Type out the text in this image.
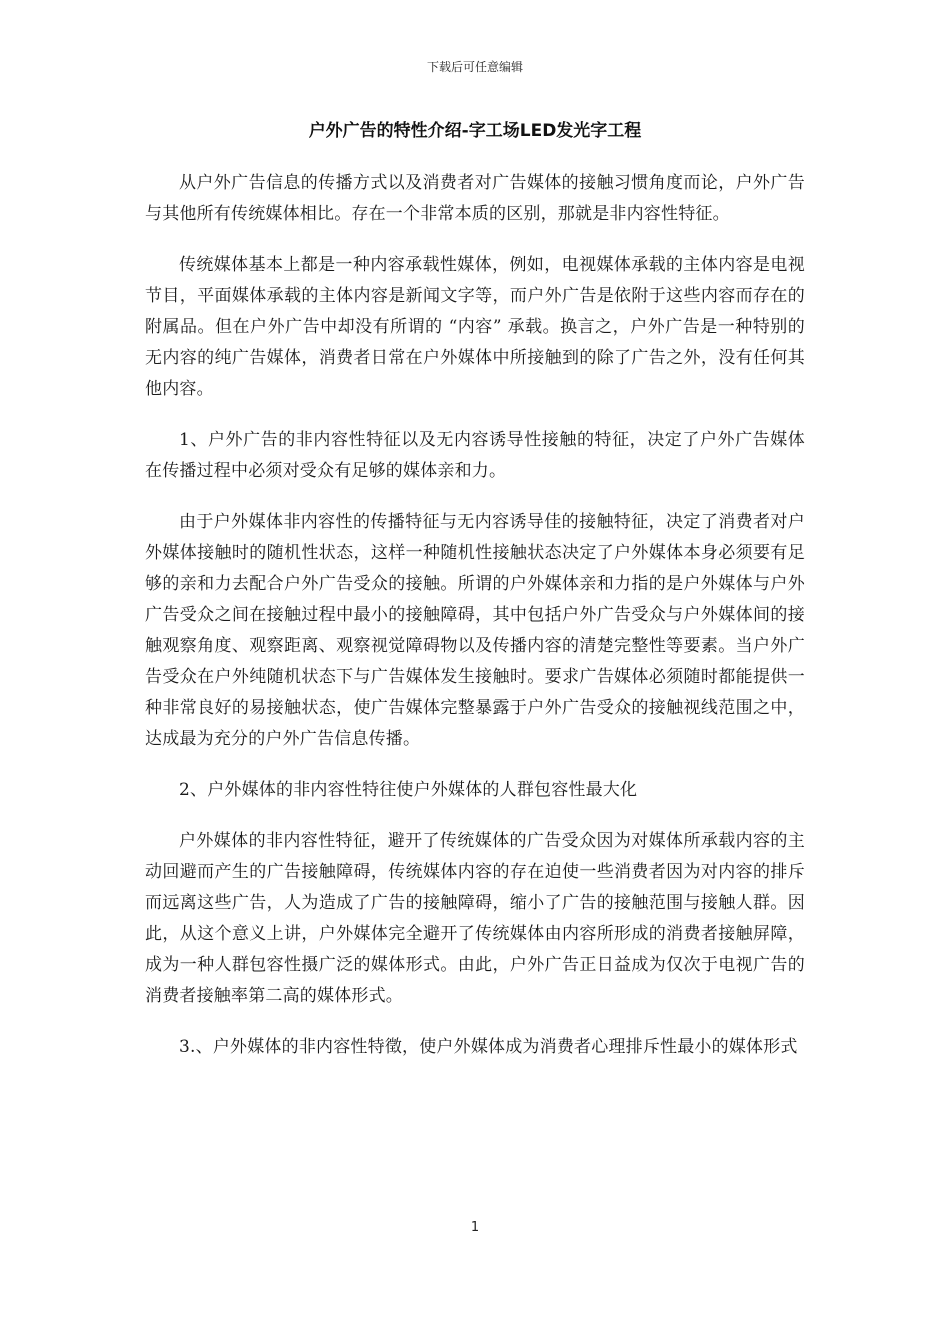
下载后可任意编辑
户外广告的特性介绍-字工场LED发光字工程

从户外广告信息的传播方式以及消费者对广告媒体的接触习惯角度而论，户外广告与其他所有传统媒体相比。存在一个非常本质的区别，那就是非内容性特征。

传统媒体基本上都是一种内容承载性媒体，例如，电视媒体承载的主体内容是电视节目，平面媒体承载的主体内容是新闻文字等，而户外广告是依附于这些内容而存在的附属品。但在户外广告中却没有所谓的 “内容” 承载。换言之，户外广告是一种特别的无内容的纯广告媒体，消费者日常在户外媒体中所接触到的除了广告之外，没有任何其他内容。

1、户外广告的非内容性特征以及无内容诱导性接触的特征，决定了户外广告媒体在传播过程中必须对受众有足够的媒体亲和力。

由于户外媒体非内容性的传播特征与无内容诱导佳的接触特征，决定了消费者对户外媒体接触时的随机性状态，这样一种随机性接触状态决定了户外媒体本身必须要有足够的亲和力去配合户外广告受众的接触。所谓的户外媒体亲和力指的是户外媒体与户外广告受众之间在接触过程中最小的接触障碍，其中包括户外广告受众与户外媒体间的接触观察角度、观察距离、观察视觉障碍物以及传播内容的清楚完整性等要素。当户外广告受众在户外纯随机状态下与广告媒体发生接触时。要求广告媒体必须随时都能提供一种非常良好的易接触状态，使广告媒体完整暴露于户外广告受众的接触视线范围之中，达成最为充分的户外广告信息传播。

2、户外媒体的非内容性特往使户外媒体的人群包容性最大化

户外媒体的非内容性特征，避开了传统媒体的广告受众因为对媒体所承载内容的主动回避而产生的广告接触障碍，传统媒体内容的存在迫使一些消费者因为对内容的排斥而远离这些广告，人为造成了广告的接触障碍，缩小了广告的接触范围与接触人群。因此，从这个意义上讲，户外媒体完全避开了传统媒体由内容所形成的消费者接触屏障，成为一种人群包容性摄广泛的媒体形式。由此，户外广告正日益成为仅次于电视广告的消费者接触率第二高的媒体形式。

3.、户外媒体的非内容性特徵，使户外媒体成为消费者心理排斥性最小的媒体形式

1
